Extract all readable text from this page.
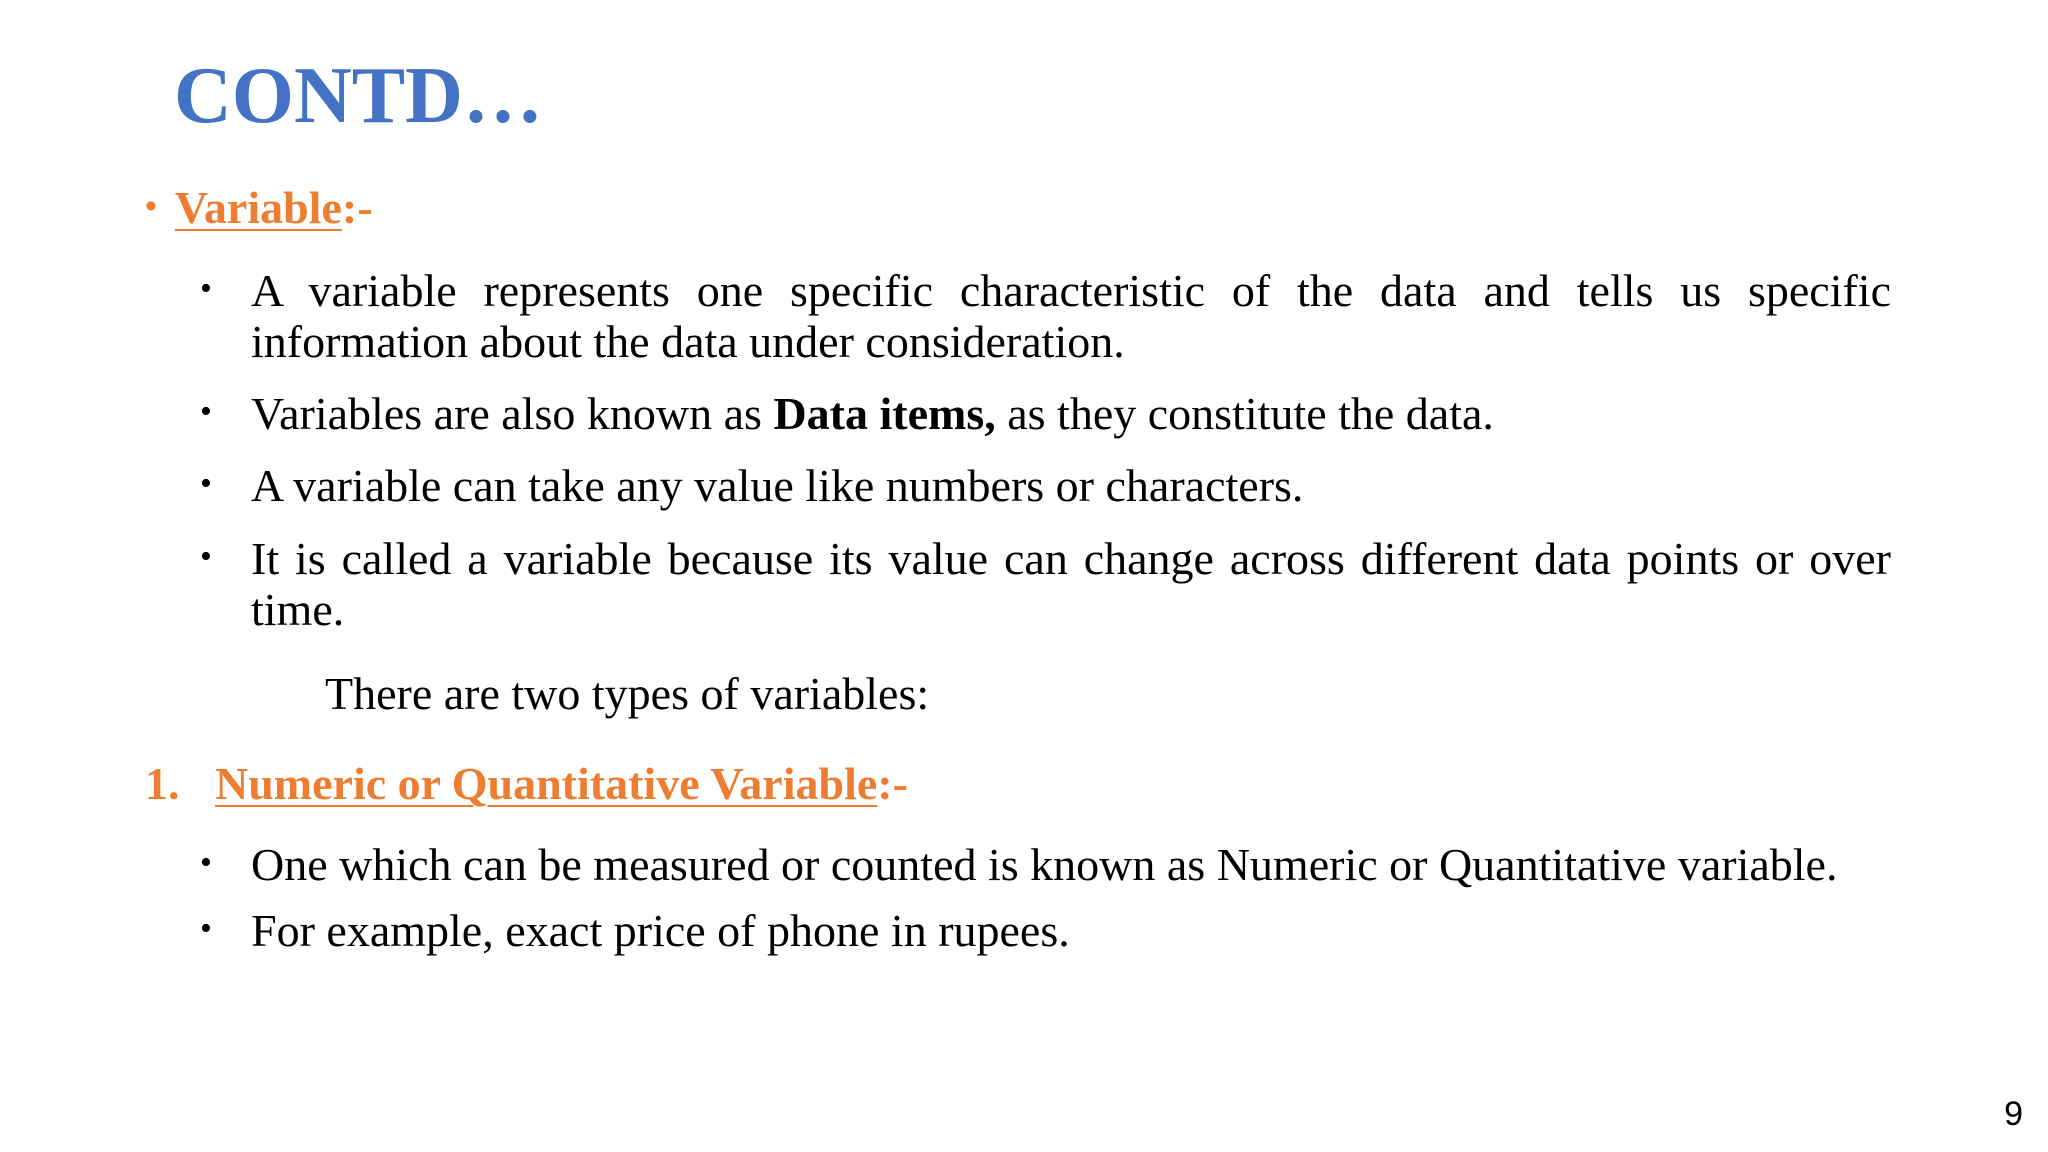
CONTD…
• Variable:-
• A variable represents one specific characteristic of the data and tells us specific information about the data under consideration.
• Variables are also known as Data items, as they constitute the data.
• A variable can take any value like numbers or characters.
• It is called a variable because its value can change across different data points or over time.
There are two types of variables:
1. Numeric or Quantitative Variable:-
• One which can be measured or counted is known as Numeric or Quantitative variable.
• For example, exact price of phone in rupees.
9
